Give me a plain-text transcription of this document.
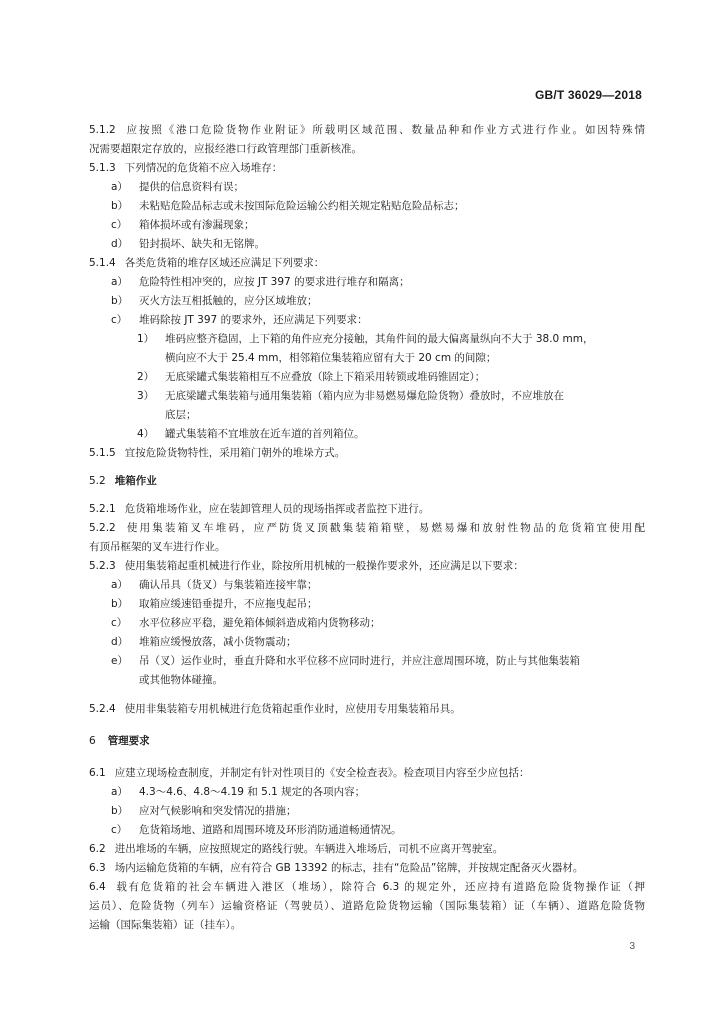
GB/T 36029—2018
5.1.2 应按照《港口危险货物作业附证》所载明区域范围、数量品种和作业方式进行作业。如因特殊情
况需要超限定存放的，应报经港口行政管理部门重新核准。
5.1.3 下列情况的危货箱不应入场堆存：
a） 提供的信息资料有误；
b） 未粘贴危险品标志或未按国际危险运输公约相关规定粘贴危险品标志；
c） 箱体损坏或有渗漏现象；
d） 铅封损坏、缺失和无铭牌。
5.1.4 各类危货箱的堆存区域还应满足下列要求：
a） 危险特性相冲突的，应按 JT 397 的要求进行堆存和隔离；
b） 灭火方法互相抵触的，应分区域堆放；
c） 堆码除按 JT 397 的要求外，还应满足下列要求：
1） 堆码应整齐稳固，上下箱的角件应充分接触，其角件间的最大偏离量纵向不大于 38.0 mm，
横向应不大于 25.4 mm，相邻箱位集装箱应留有大于 20 cm 的间隙；
2） 无底梁罐式集装箱相互不应叠放（除上下箱采用转锁或堆码锥固定）；
3） 无底梁罐式集装箱与通用集装箱（箱内应为非易燃易爆危险货物）叠放时，不应堆放在
底层；
4） 罐式集装箱不宜堆放在近车道的首列箱位。
5.1.5 宜按危险货物特性，采用箱门朝外的堆垛方式。
5.2 堆箱作业
5.2.1 危货箱堆场作业，应在装卸管理人员的现场指挥或者监控下进行。
5.2.2 使用集装箱叉车堆码，应严防货叉顶戳集装箱箱壁，易燃易爆和放射性物品的危货箱宜使用配
有顶吊框架的叉车进行作业。
5.2.3 使用集装箱起重机械进行作业，除按所用机械的一般操作要求外，还应满足以下要求：
a） 确认吊具（货叉）与集装箱连接牢靠；
b） 取箱应缓速铅垂提升，不应拖曳起吊；
c） 水平位移应平稳，避免箱体倾斜造成箱内货物移动；
d） 堆箱应缓慢放落，减小货物震动；
e） 吊（叉）运作业时，垂直升降和水平位移不应同时进行，并应注意周围环境，防止与其他集装箱
或其他物体碰撞。
5.2.4 使用非集装箱专用机械进行危货箱起重作业时，应使用专用集装箱吊具。
6 管理要求
6.1 应建立现场检查制度，并制定有针对性项目的《安全检查表》。检查项目内容至少应包括：
a） 4.3～4.6、4.8～4.19 和 5.1 规定的各项内容；
b） 应对气候影响和突发情况的措施；
c） 危货箱场地、道路和周围环境及环形消防通道畅通情况。
6.2 进出堆场的车辆，应按照规定的路线行驶。车辆进入堆场后，司机不应离开驾驶室。
6.3 场内运输危货箱的车辆，应有符合 GB 13392 的标志，挂有“危险品”铭牌，并按规定配备灭火器材。
6.4 载有危货箱的社会车辆进入港区（堆场），除符合 6.3 的规定外，还应持有道路危险货物操作证（押
运员）、危险货物（列车）运输资格证（驾驶员）、道路危险货物运输（国际集装箱）证（车辆）、道路危险货物
运输（国际集装箱）证（挂车）。
3
